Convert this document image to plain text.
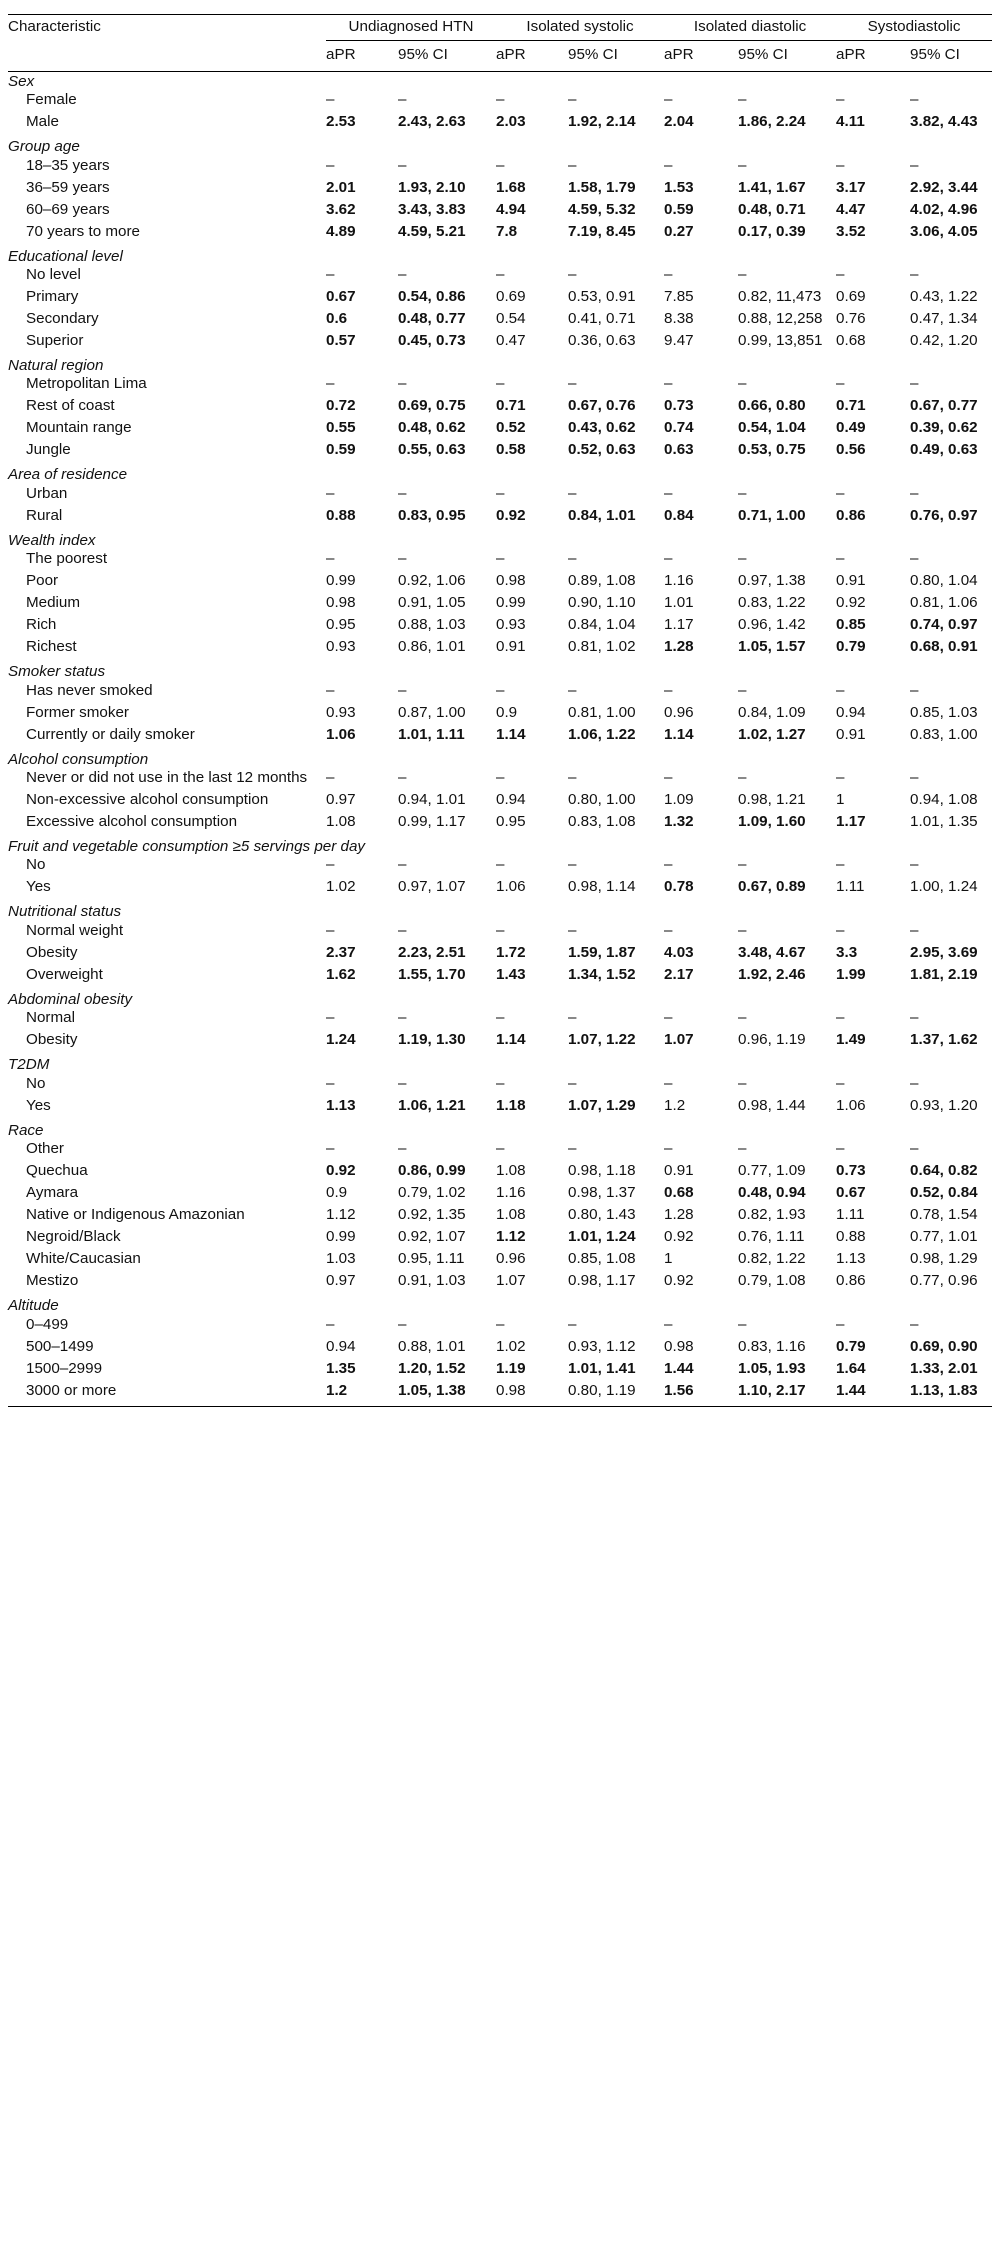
Characteristic	Undiagnosed HTN		Isolated systolic		Isolated diastolic		Systodiastolic	
	aPR	95% CI	aPR	95% CI	aPR	95% CI	aPR	95% CI
Sex								
Female	–	–	–	–	–	–	–	–
Male	2.53	2.43, 2.63	2.03	1.92, 2.14	2.04	1.86, 2.24	4.11	3.82, 4.43
Group age								
18–35 years	–	–	–	–	–	–	–	–
36–59 years	2.01	1.93, 2.10	1.68	1.58, 1.79	1.53	1.41, 1.67	3.17	2.92, 3.44
60–69 years	3.62	3.43, 3.83	4.94	4.59, 5.32	0.59	0.48, 0.71	4.47	4.02, 4.96
70 years to more	4.89	4.59, 5.21	7.8	7.19, 8.45	0.27	0.17, 0.39	3.52	3.06, 4.05
Educational level								
No level	–	–	–	–	–	–	–	–
Primary	0.67	0.54, 0.86	0.69	0.53, 0.91	7.85	0.82, 11,473	0.69	0.43, 1.22
Secondary	0.6	0.48, 0.77	0.54	0.41, 0.71	8.38	0.88, 12,258	0.76	0.47, 1.34
Superior	0.57	0.45, 0.73	0.47	0.36, 0.63	9.47	0.99, 13,851	0.68	0.42, 1.20
Natural region								
Metropolitan Lima	–	–	–	–	–	–	–	–
Rest of coast	0.72	0.69, 0.75	0.71	0.67, 0.76	0.73	0.66, 0.80	0.71	0.67, 0.77
Mountain range	0.55	0.48, 0.62	0.52	0.43, 0.62	0.74	0.54, 1.04	0.49	0.39, 0.62
Jungle	0.59	0.55, 0.63	0.58	0.52, 0.63	0.63	0.53, 0.75	0.56	0.49, 0.63
Area of residence								
Urban	–	–	–	–	–	–	–	–
Rural	0.88	0.83, 0.95	0.92	0.84, 1.01	0.84	0.71, 1.00	0.86	0.76, 0.97
Wealth index								
The poorest	–	–	–	–	–	–	–	–
Poor	0.99	0.92, 1.06	0.98	0.89, 1.08	1.16	0.97, 1.38	0.91	0.80, 1.04
Medium	0.98	0.91, 1.05	0.99	0.90, 1.10	1.01	0.83, 1.22	0.92	0.81, 1.06
Rich	0.95	0.88, 1.03	0.93	0.84, 1.04	1.17	0.96, 1.42	0.85	0.74, 0.97
Richest	0.93	0.86, 1.01	0.91	0.81, 1.02	1.28	1.05, 1.57	0.79	0.68, 0.91
Smoker status								
Has never smoked	–	–	–	–	–	–	–	–
Former smoker	0.93	0.87, 1.00	0.9	0.81, 1.00	0.96	0.84, 1.09	0.94	0.85, 1.03
Currently or daily smoker	1.06	1.01, 1.11	1.14	1.06, 1.22	1.14	1.02, 1.27	0.91	0.83, 1.00
Alcohol consumption								
Never or did not use in the last 12 months	–	–	–	–	–	–	–	–
Non-excessive alcohol consumption	0.97	0.94, 1.01	0.94	0.80, 1.00	1.09	0.98, 1.21	1	0.94, 1.08
Excessive alcohol consumption	1.08	0.99, 1.17	0.95	0.83, 1.08	1.32	1.09, 1.60	1.17	1.01, 1.35
Fruit and vegetable consumption ≥5 servings per day								
No	–	–	–	–	–	–	–	–
Yes	1.02	0.97, 1.07	1.06	0.98, 1.14	0.78	0.67, 0.89	1.11	1.00, 1.24
Nutritional status								
Normal weight	–	–	–	–	–	–	–	–
Obesity	2.37	2.23, 2.51	1.72	1.59, 1.87	4.03	3.48, 4.67	3.3	2.95, 3.69
Overweight	1.62	1.55, 1.70	1.43	1.34, 1.52	2.17	1.92, 2.46	1.99	1.81, 2.19
Abdominal obesity								
Normal	–	–	–	–	–	–	–	–
Obesity	1.24	1.19, 1.30	1.14	1.07, 1.22	1.07	0.96, 1.19	1.49	1.37, 1.62
T2DM								
No	–	–	–	–	–	–	–	–
Yes	1.13	1.06, 1.21	1.18	1.07, 1.29	1.2	0.98, 1.44	1.06	0.93, 1.20
Race								
Other	–	–	–	–	–	–	–	–
Quechua	0.92	0.86, 0.99	1.08	0.98, 1.18	0.91	0.77, 1.09	0.73	0.64, 0.82
Aymara	0.9	0.79, 1.02	1.16	0.98, 1.37	0.68	0.48, 0.94	0.67	0.52, 0.84
Native or Indigenous Amazonian	1.12	0.92, 1.35	1.08	0.80, 1.43	1.28	0.82, 1.93	1.11	0.78, 1.54
Negroid/Black	0.99	0.92, 1.07	1.12	1.01, 1.24	0.92	0.76, 1.11	0.88	0.77, 1.01
White/Caucasian	1.03	0.95, 1.11	0.96	0.85, 1.08	1	0.82, 1.22	1.13	0.98, 1.29
Mestizo	0.97	0.91, 1.03	1.07	0.98, 1.17	0.92	0.79, 1.08	0.86	0.77, 0.96
Altitude								
0–499	–	–	–	–	–	–	–	–
500–1499	0.94	0.88, 1.01	1.02	0.93, 1.12	0.98	0.83, 1.16	0.79	0.69, 0.90
1500–2999	1.35	1.20, 1.52	1.19	1.01, 1.41	1.44	1.05, 1.93	1.64	1.33, 2.01
3000 or more	1.2	1.05, 1.38	0.98	0.80, 1.19	1.56	1.10, 2.17	1.44	1.13, 1.83
